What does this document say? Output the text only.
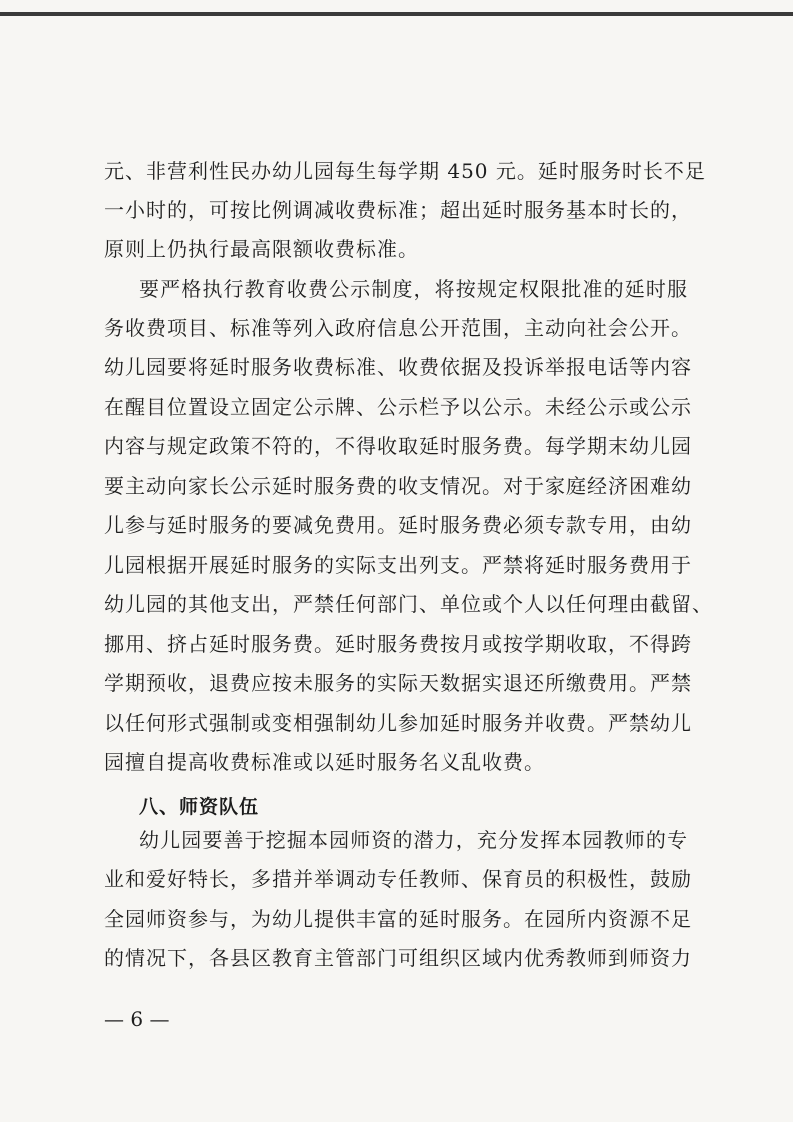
元、非营利性民办幼儿园每生每学期 450 元。延时服务时长不足
一小时的，可按比例调减收费标准；超出延时服务基本时长的，
原则上仍执行最高限额收费标准。
要严格执行教育收费公示制度，将按规定权限批准的延时服
务收费项目、标准等列入政府信息公开范围，主动向社会公开。
幼儿园要将延时服务收费标准、收费依据及投诉举报电话等内容
在醒目位置设立固定公示牌、公示栏予以公示。未经公示或公示
内容与规定政策不符的，不得收取延时服务费。每学期末幼儿园
要主动向家长公示延时服务费的收支情况。对于家庭经济困难幼
儿参与延时服务的要减免费用。延时服务费必须专款专用，由幼
儿园根据开展延时服务的实际支出列支。严禁将延时服务费用于
幼儿园的其他支出，严禁任何部门、单位或个人以任何理由截留、
挪用、挤占延时服务费。延时服务费按月或按学期收取，不得跨
学期预收，退费应按未服务的实际天数据实退还所缴费用。严禁
以任何形式强制或变相强制幼儿参加延时服务并收费。严禁幼儿
园擅自提高收费标准或以延时服务名义乱收费。
八、师资队伍
幼儿园要善于挖掘本园师资的潜力，充分发挥本园教师的专
业和爱好特长，多措并举调动专任教师、保育员的积极性，鼓励
全园师资参与，为幼儿提供丰富的延时服务。在园所内资源不足
的情况下，各县区教育主管部门可组织区域内优秀教师到师资力
— 6 —
